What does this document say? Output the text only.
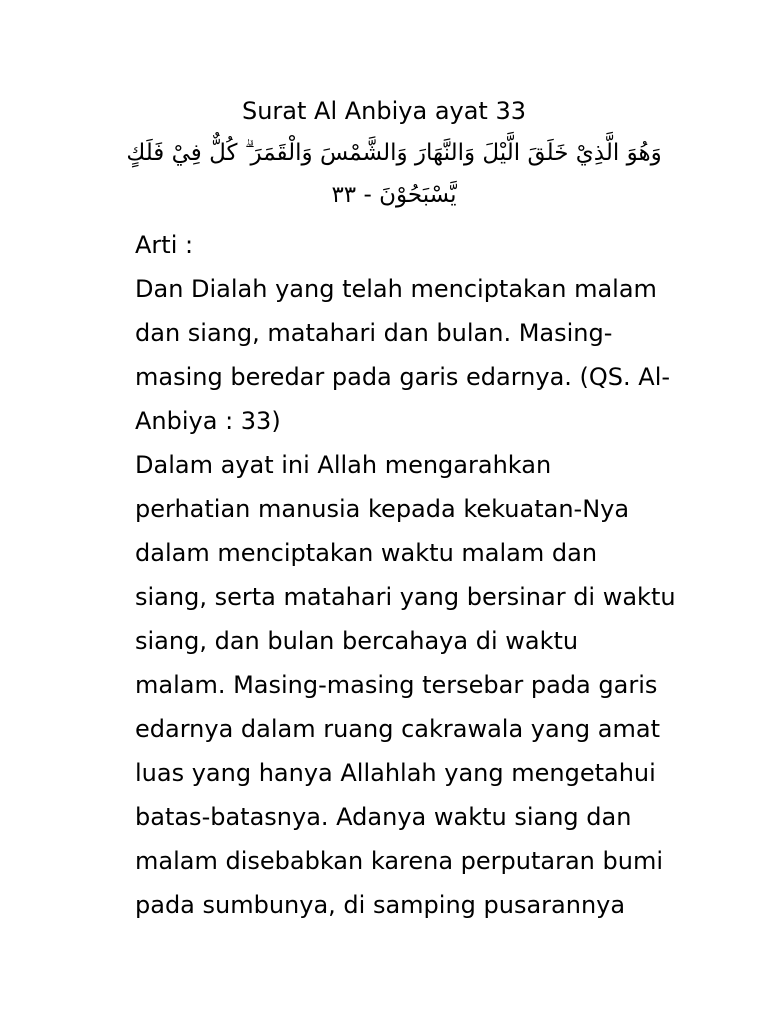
Surat Al Anbiya ayat 33
وَهُوَ الَّذِيْ خَلَقَ الَّيْلَ وَالنَّهَارَ وَالشَّمْسَ وَالْقَمَرَ ۗ كُلٌّ فِيْ فَلَكٍ
يَّسْبَحُوْنَ - ٣٣
Arti :
Dan Dialah yang telah menciptakan malam
dan siang, matahari dan bulan. Masing-
masing beredar pada garis edarnya. (QS. Al-
Anbiya : 33)
Dalam ayat ini Allah mengarahkan
perhatian manusia kepada kekuatan-Nya
dalam menciptakan waktu malam dan
siang, serta matahari yang bersinar di waktu
siang, dan bulan bercahaya di waktu
malam. Masing-masing tersebar pada garis
edarnya dalam ruang cakrawala yang amat
luas yang hanya Allahlah yang mengetahui
batas-batasnya. Adanya waktu siang dan
malam disebabkan karena perputaran bumi
pada sumbunya, di samping pusarannya
